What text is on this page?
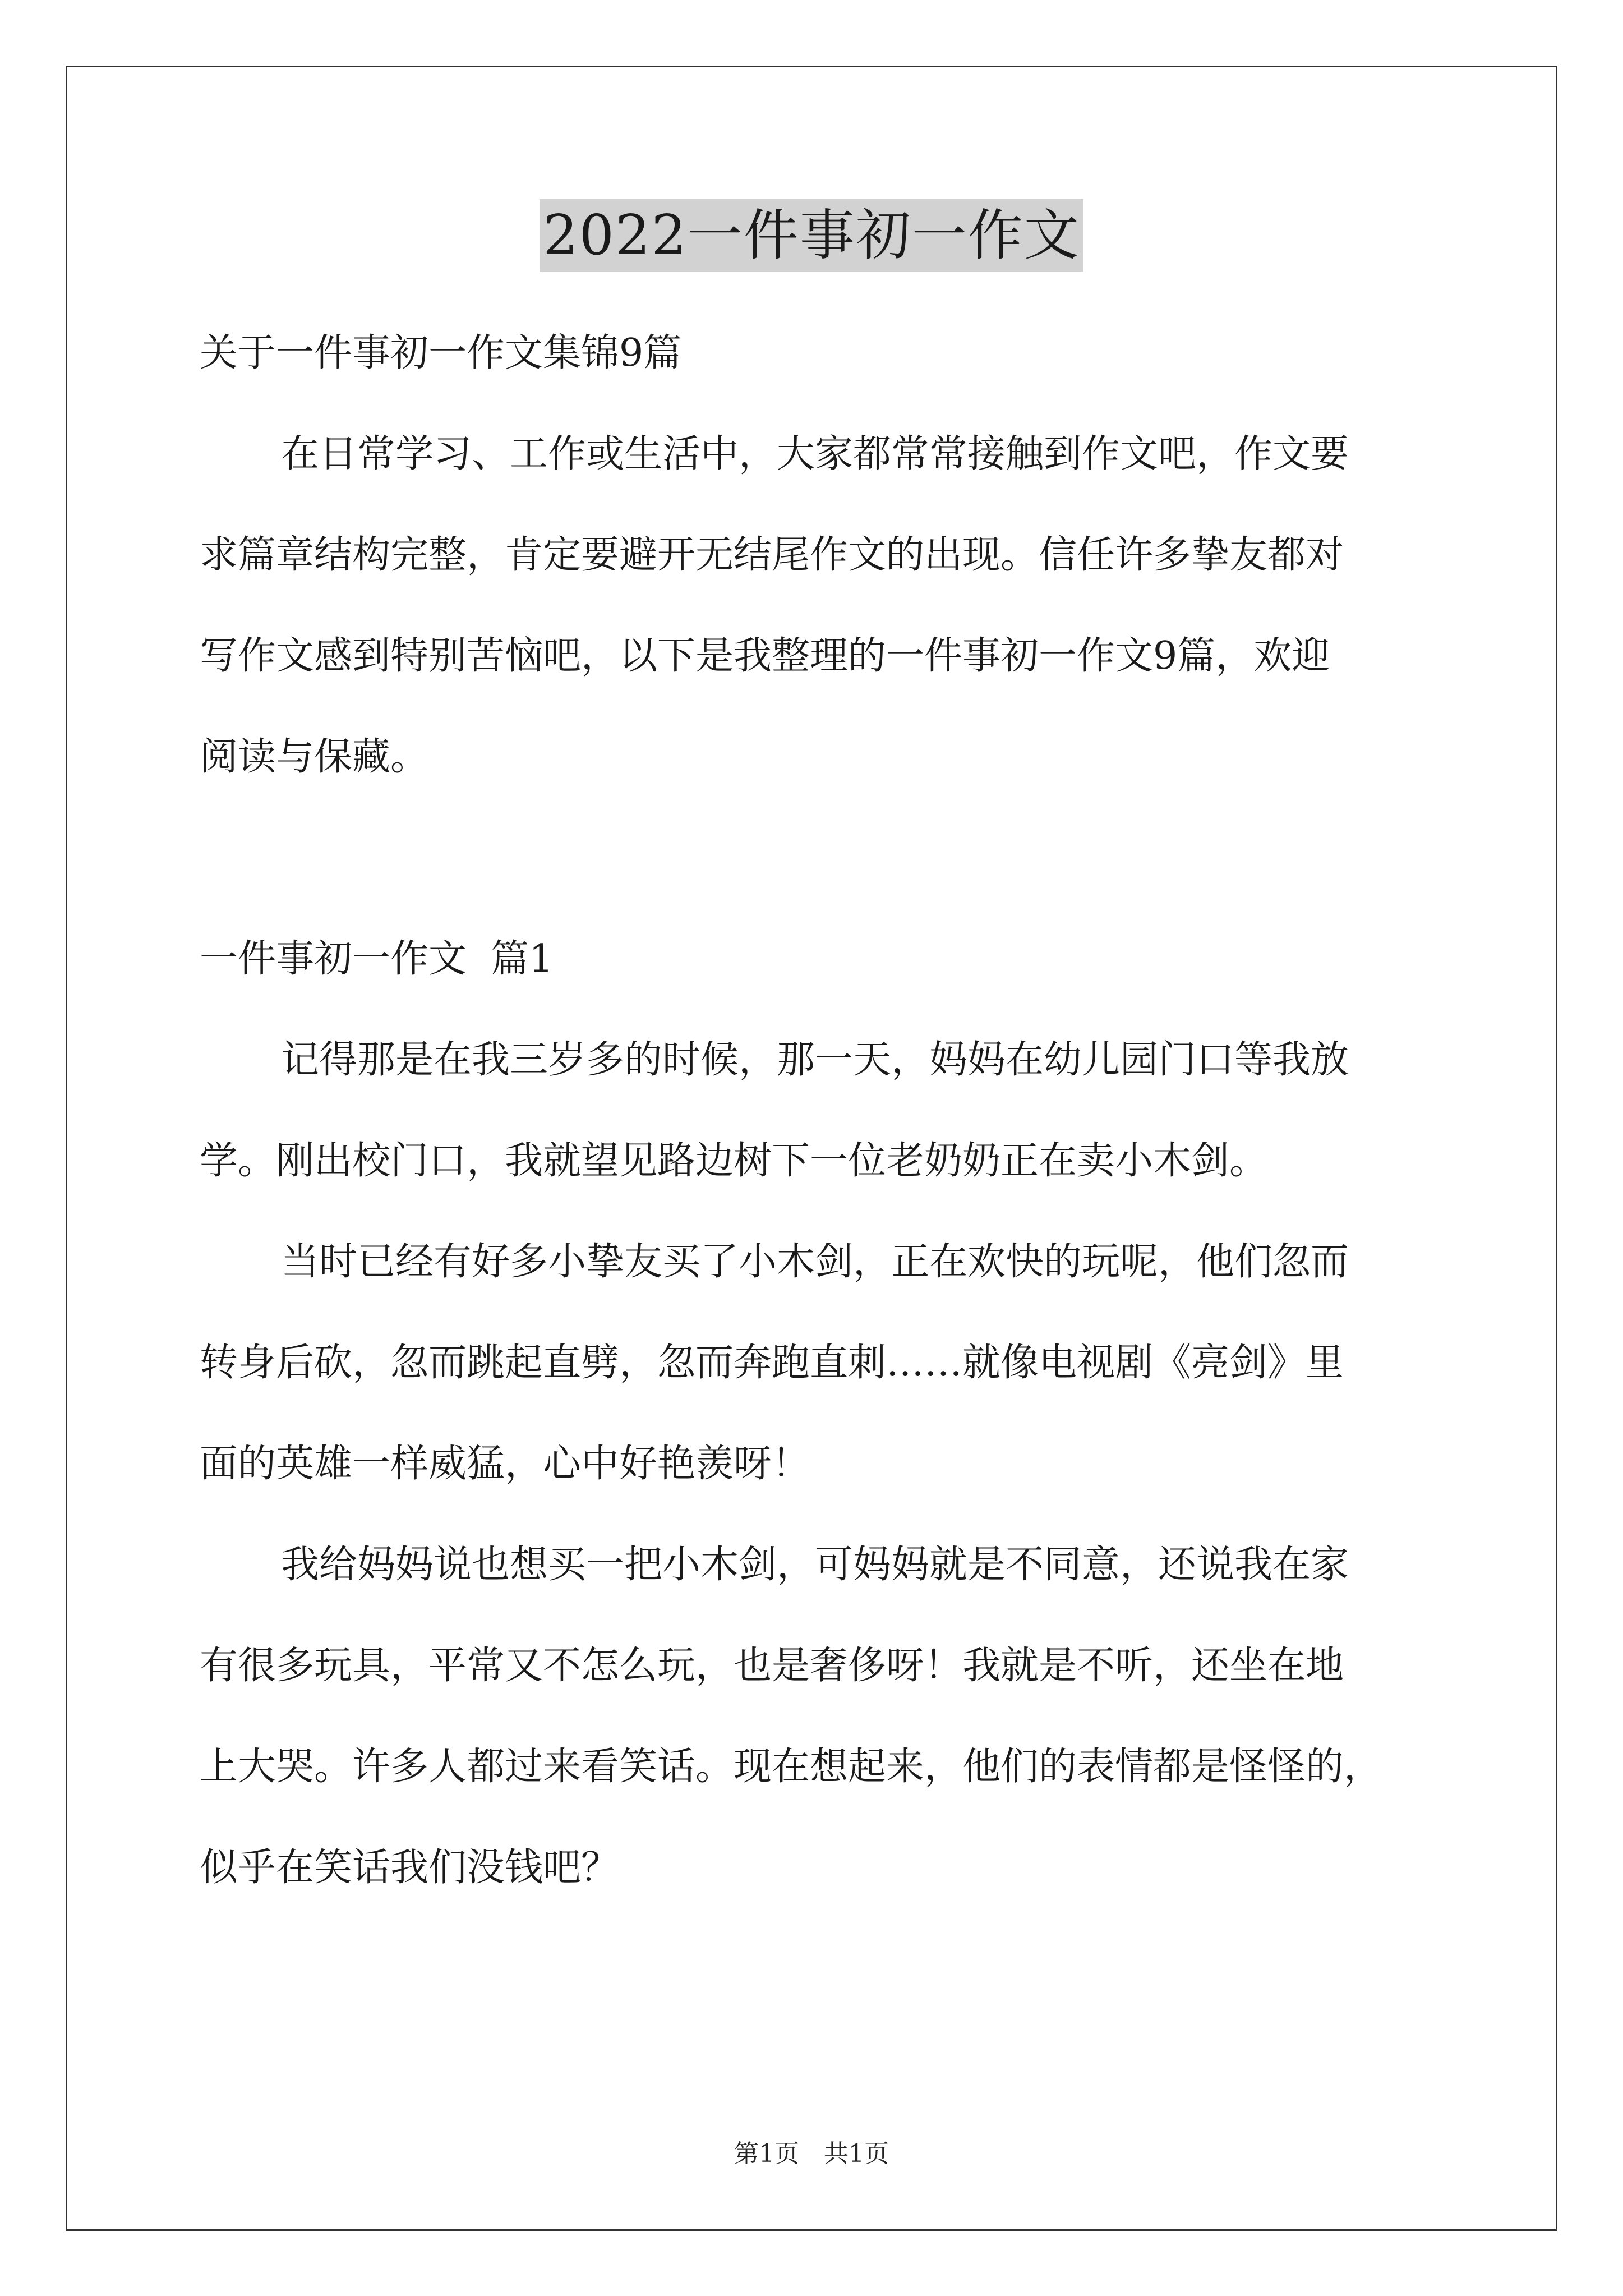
2022一件事初一作文
关于一件事初一作文集锦9篇
在日常学习、工作或生活中，大家都常常接触到作文吧，作文要
求篇章结构完整，肯定要避开无结尾作文的出现。信任许多挚友都对
写作文感到特别苦恼吧，以下是我整理的一件事初一作文9篇，欢迎
阅读与保藏。
一件事初一作文  篇1
记得那是在我三岁多的时候，那一天，妈妈在幼儿园门口等我放
学。刚出校门口，我就望见路边树下一位老奶奶正在卖小木剑。
当时已经有好多小挚友买了小木剑，正在欢快的玩呢，他们忽而
转身后砍，忽而跳起直劈，忽而奔跑直刺……就像电视剧《亮剑》里
面的英雄一样威猛，心中好艳羡呀！
我给妈妈说也想买一把小木剑，可妈妈就是不同意，还说我在家
有很多玩具，平常又不怎么玩，也是奢侈呀！我就是不听，还坐在地
上大哭。许多人都过来看笑话。现在想起来，他们的表情都是怪怪的，
似乎在笑话我们没钱吧？
第1页 共1页
